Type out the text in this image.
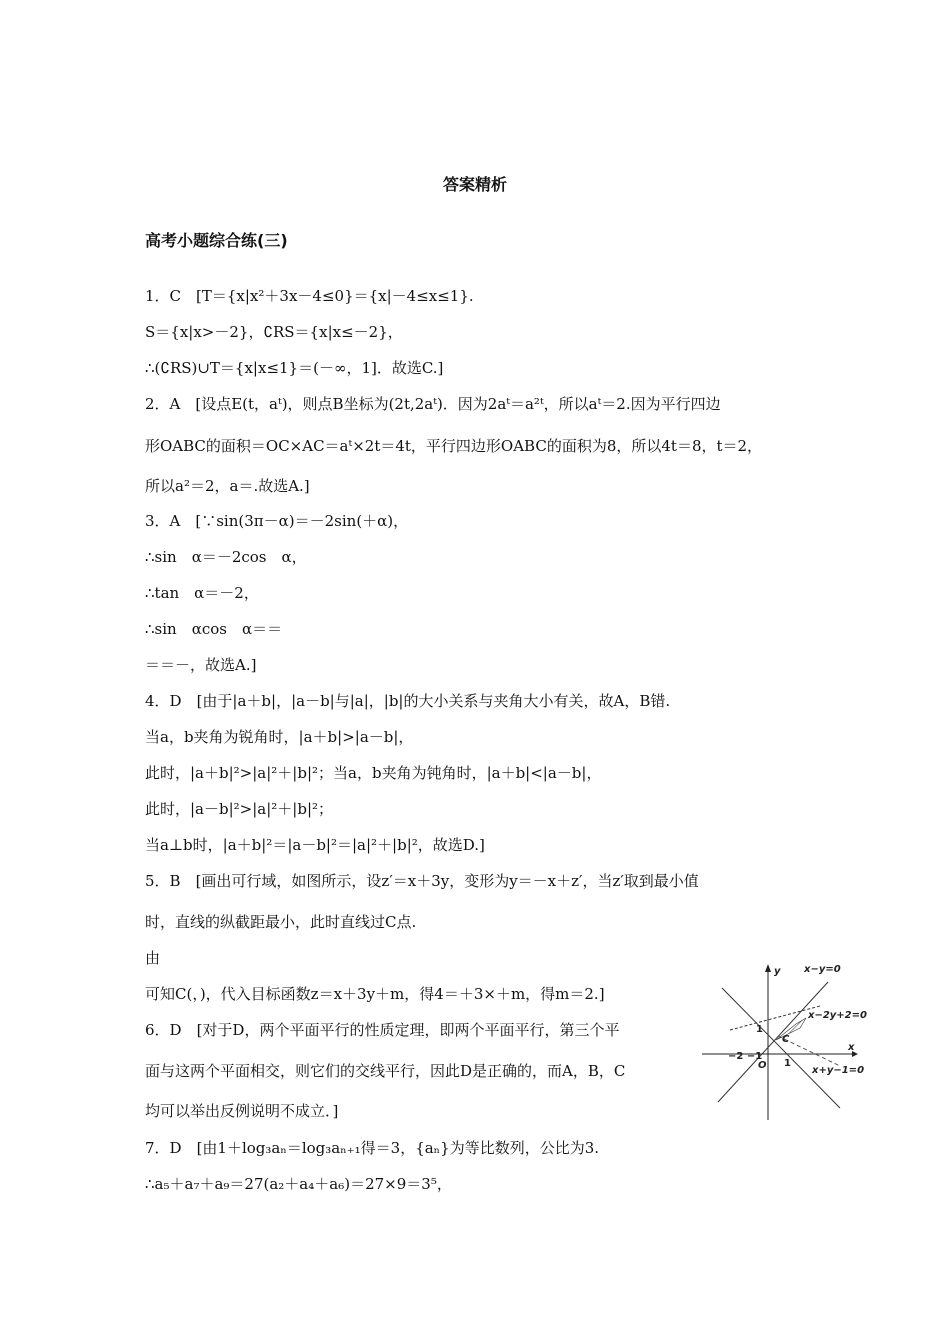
答案精析
高考小题综合练(三)
1．C　[T＝{x|x²＋3x－4≤0}＝{x|－4≤x≤1}.
S＝{x|x>－2}，∁RS＝{x|x≤－2}，
∴(∁RS)∪T＝{x|x≤1}＝(－∞，1]．故选C.]
2．A　[设点E(t，aᵗ)，则点B坐标为(2t,2aᵗ)．因为2aᵗ＝a²ᵗ，所以aᵗ＝2.因为平行四边
形OABC的面积＝OC×AC＝aᵗ×2t＝4t，平行四边形OABC的面积为8，所以4t＝8，t＝2，
所以a²＝2，a＝.故选A.]
3．A　[∵sin(3π－α)＝－2sin(＋α)，
∴sin　α＝－2cos　α，
∴tan　α＝－2，
∴sin　αcos　α＝＝
＝＝－，故选A.]
4．D　[由于|a＋b|，|a－b|与|a|，|b|的大小关系与夹角大小有关，故A，B错.
当a，b夹角为锐角时，|a＋b|>|a－b|，
此时，|a＋b|²>|a|²＋|b|²；当a，b夹角为钝角时，|a＋b|<|a－b|，
此时，|a－b|²>|a|²＋|b|²；
当a⊥b时，|a＋b|²＝|a－b|²＝|a|²＋|b|²，故选D.]
5．B　[画出可行域，如图所示，设z′＝x＋3y，变形为y＝－x＋z′，当z′取到最小值
时，直线的纵截距最小，此时直线过C点.
由
可知C(，)，代入目标函数z＝x＋3y＋m，得4＝＋3×＋m，得m＝2.]
6．D　[对于D，两个平面平行的性质定理，即两个平面平行，第三个平
面与这两个平面相交，则它们的交线平行，因此D是正确的，而A，B，C
均可以举出反例说明不成立．]
7．D　[由1＋log₃aₙ＝log₃aₙ₊₁得＝3，{aₙ}为等比数列，公比为3.
∴a₅＋a₇＋a₉＝27(a₂＋a₄＋a₆)＝27×9＝3⁵，
y
x
x−y=0
x−2y+2=0
x+y−1=0
O
C
1
1
−2 −1
